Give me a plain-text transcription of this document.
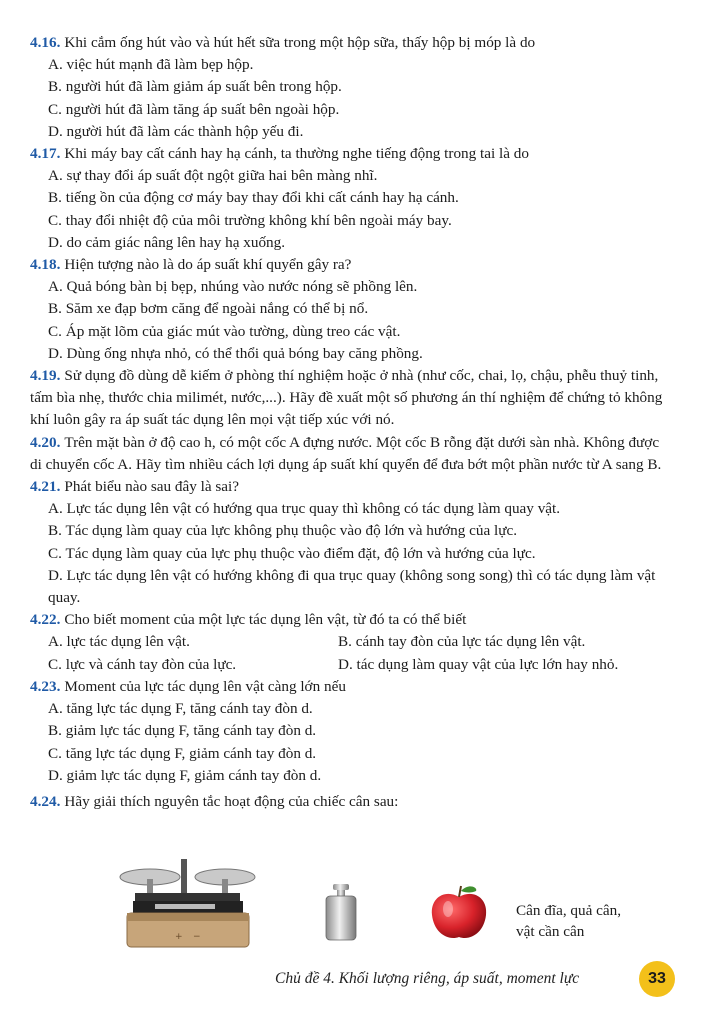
4.16. Khi cắm ống hút vào và hút hết sữa trong một hộp sữa, thấy hộp bị móp là do
A. việc hút mạnh đã làm bẹp hộp.
B. người hút đã làm giảm áp suất bên trong hộp.
C. người hút đã làm tăng áp suất bên ngoài hộp.
D. người hút đã làm các thành hộp yếu đi.
4.17. Khi máy bay cất cánh hay hạ cánh, ta thường nghe tiếng động trong tai là do
A. sự thay đổi áp suất đột ngột giữa hai bên màng nhĩ.
B. tiếng ồn của động cơ máy bay thay đổi khi cất cánh hay hạ cánh.
C. thay đổi nhiệt độ của môi trường không khí bên ngoài máy bay.
D. do cảm giác nâng lên hay hạ xuống.
4.18. Hiện tượng nào là do áp suất khí quyển gây ra?
A. Quả bóng bàn bị bẹp, nhúng vào nước nóng sẽ phồng lên.
B. Săm xe đạp bơm căng để ngoài nắng có thể bị nổ.
C. Áp mặt lõm của giác mút vào tường, dùng treo các vật.
D. Dùng ống nhựa nhỏ, có thể thổi quả bóng bay căng phồng.
4.19. Sử dụng đồ dùng dễ kiếm ở phòng thí nghiệm hoặc ở nhà (như cốc, chai, lọ, chậu, phễu thuỷ tinh, tấm bìa nhẹ, thước chia milimét, nước,...). Hãy đề xuất một số phương án thí nghiệm để chứng tỏ không khí luôn gây ra áp suất tác dụng lên mọi vật tiếp xúc với nó.
4.20. Trên mặt bàn ở độ cao h, có một cốc A đựng nước. Một cốc B rỗng đặt dưới sàn nhà. Không được di chuyển cốc A. Hãy tìm nhiều cách lợi dụng áp suất khí quyển để đưa bớt một phần nước từ A sang B.
4.21. Phát biểu nào sau đây là sai?
A. Lực tác dụng lên vật có hướng qua trục quay thì không có tác dụng làm quay vật.
B. Tác dụng làm quay của lực không phụ thuộc vào độ lớn và hướng của lực.
C. Tác dụng làm quay của lực phụ thuộc vào điểm đặt, độ lớn và hướng của lực.
D. Lực tác dụng lên vật có hướng không đi qua trục quay (không song song) thì có tác dụng làm vật quay.
4.22. Cho biết moment của một lực tác dụng lên vật, từ đó ta có thể biết
A. lực tác dụng lên vật.	B. cánh tay đòn của lực tác dụng lên vật.
C. lực và cánh tay đòn của lực.	D. tác dụng làm quay vật của lực lớn hay nhỏ.
4.23. Moment của lực tác dụng lên vật càng lớn nếu
A. tăng lực tác dụng F, tăng cánh tay đòn d.
B. giảm lực tác dụng F, tăng cánh tay đòn d.
C. tăng lực tác dụng F, giảm cánh tay đòn d.
D. giảm lực tác dụng F, giảm cánh tay đòn d.
4.24. Hãy giải thích nguyên tắc hoạt động của chiếc cân sau:
+ −
Cân đĩa, quả cân,
vật cần cân
Chủ đề 4. Khối lượng riêng, áp suất, moment lực	33
